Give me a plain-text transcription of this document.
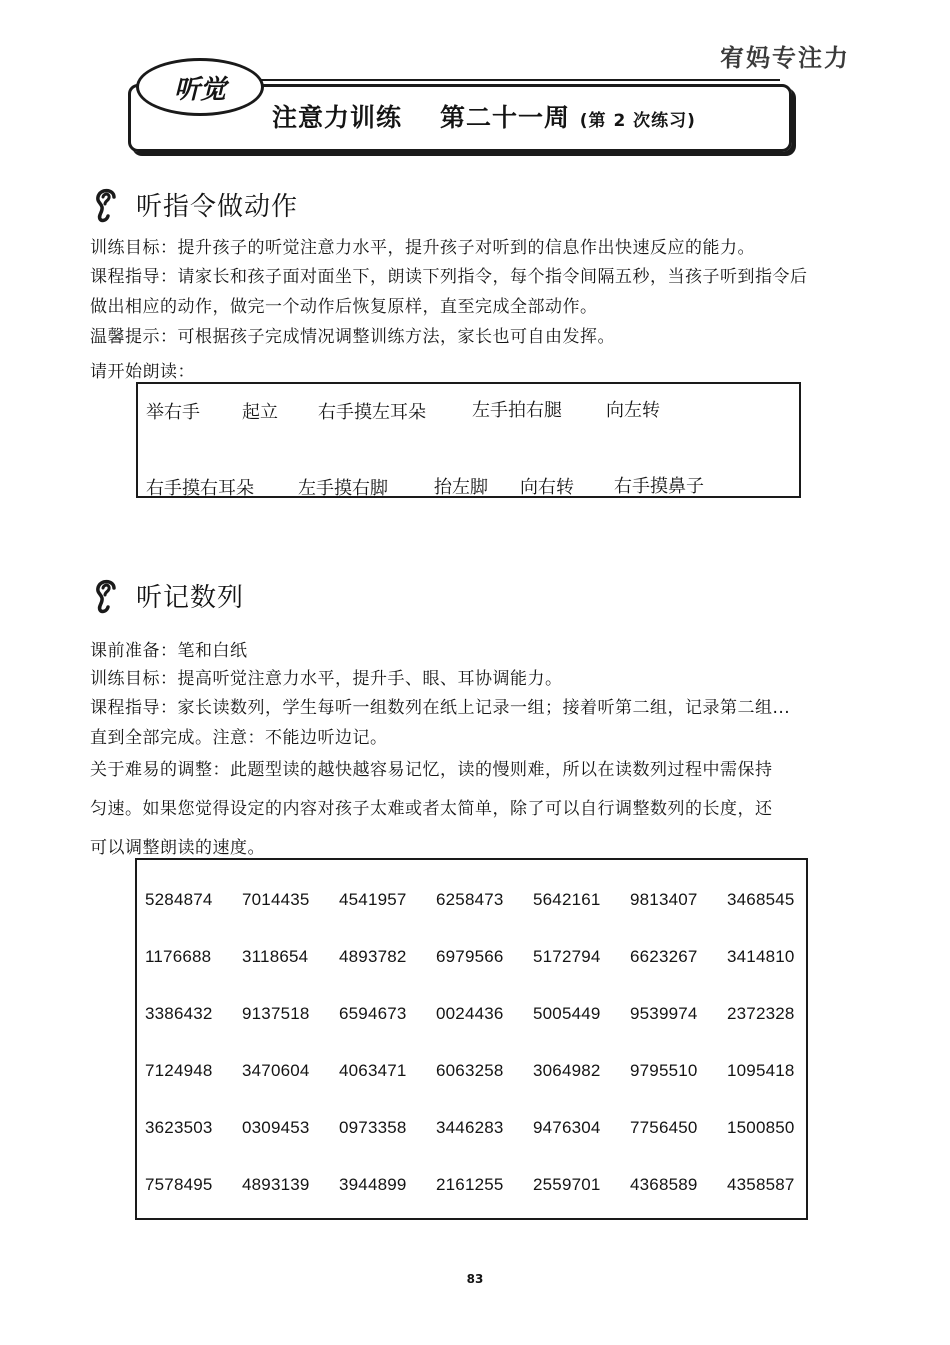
宥妈专注力
听觉
注意力训练 第二十一周 (第 2 次练习)
听指令做动作
训练目标：提升孩子的听觉注意力水平，提升孩子对听到的信息作出快速反应的能力。
课程指导：请家长和孩子面对面坐下，朗读下列指令，每个指令间隔五秒，当孩子听到指令后
做出相应的动作，做完一个动作后恢复原样，直至完成全部动作。
温馨提示：可根据孩子完成情况调整训练方法，家长也可自由发挥。
请开始朗读：
举右手 起立 右手摸左耳朵	左手拍右腿 向左转
右手摸右耳朵 左手摸右脚	抬左脚 向右转 右手摸鼻子
听记数列
课前准备：笔和白纸
训练目标：提高听觉注意力水平，提升手、眼、耳协调能力。
课程指导：家长读数列，学生每听一组数列在纸上记录一组；接着听第二组，记录第二组...
直到全部完成。注意：不能边听边记。
关于难易的调整：此题型读的越快越容易记忆，读的慢则难，所以在读数列过程中需保持
匀速。如果您觉得设定的内容对孩子太难或者太简单，除了可以自行调整数列的长度，还
可以调整朗读的速度。
5284874	7014435	4541957	6258473	5642161	9813407	3468545
1176688	3118654	4893782	6979566	5172794	6623267	3414810
3386432	9137518	6594673	0024436	5005449	9539974	2372328
7124948	3470604	4063471	6063258	3064982	9795510	1095418
3623503	0309453	0973358	3446283	9476304	7756450	1500850
7578495	4893139	3944899	2161255	2559701	4368589	4358587
83
